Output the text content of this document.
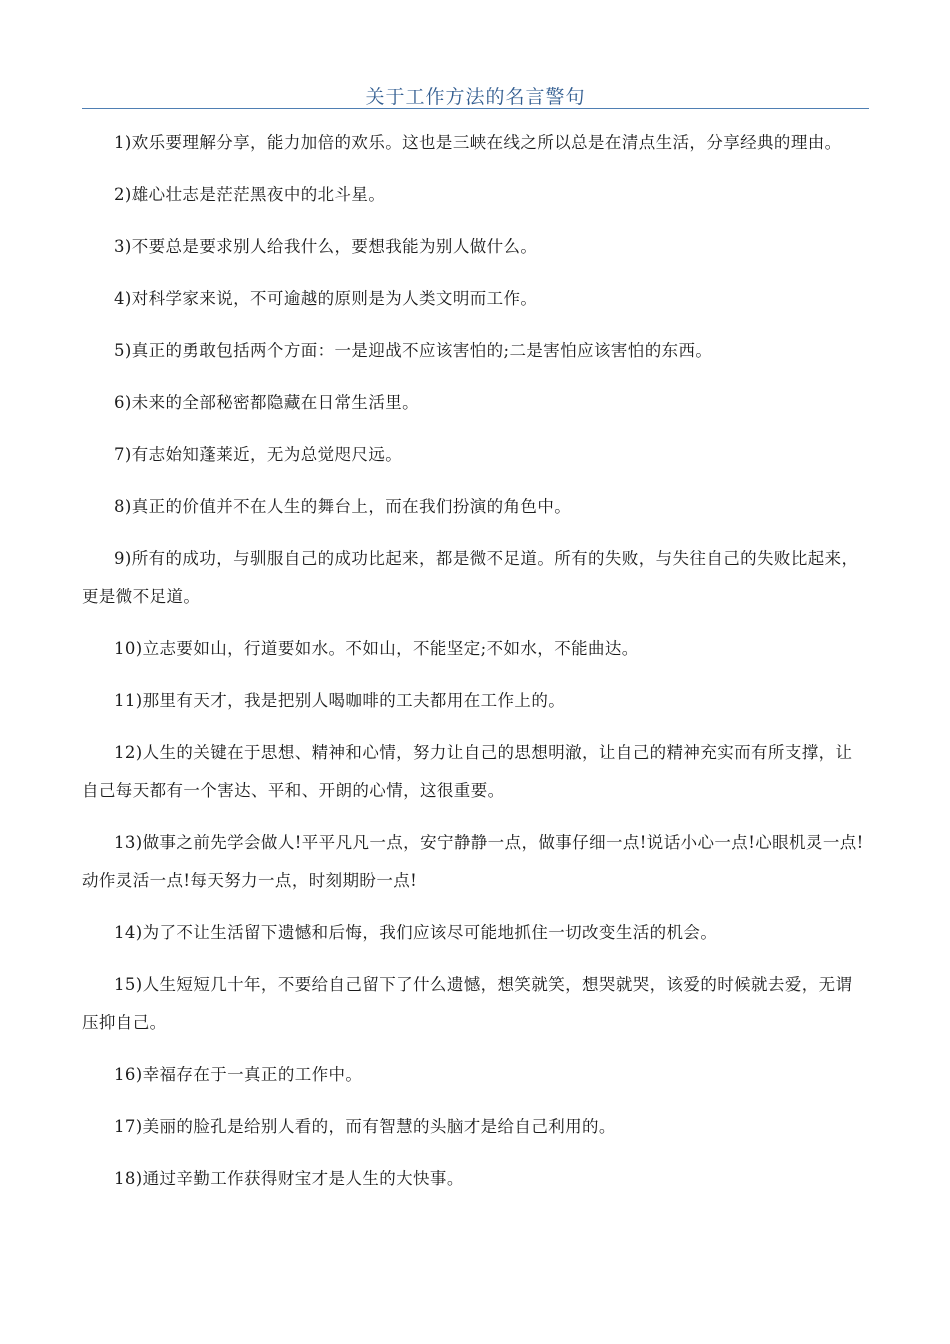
关于工作方法的名言警句

1)欢乐要理解分享，能力加倍的欢乐。这也是三峡在线之所以总是在清点生活，分享经典的理由。

2)雄心壮志是茫茫黑夜中的北斗星。

3)不要总是要求别人给我什么，要想我能为别人做什么。

4)对科学家来说，不可逾越的原则是为人类文明而工作。

5)真正的勇敢包括两个方面：一是迎战不应该害怕的;二是害怕应该害怕的东西。

6)未来的全部秘密都隐藏在日常生活里。

7)有志始知蓬莱近，无为总觉咫尺远。

8)真正的价值并不在人生的舞台上，而在我们扮演的角色中。

9)所有的成功，与驯服自己的成功比起来，都是微不足道。所有的失败，与失往自己的失败比起来，更是微不足道。

10)立志要如山，行道要如水。不如山，不能坚定;不如水，不能曲达。

11)那里有天才，我是把别人喝咖啡的工夫都用在工作上的。

12)人生的关键在于思想、精神和心情，努力让自己的思想明澈，让自己的精神充实而有所支撑，让自己每天都有一个害达、平和、开朗的心情，这很重要。

13)做事之前先学会做人!平平凡凡一点，安宁静静一点，做事仔细一点!说话小心一点!心眼机灵一点!动作灵活一点!每天努力一点，时刻期盼一点!

14)为了不让生活留下遗憾和后悔，我们应该尽可能地抓住一切改变生活的机会。

15)人生短短几十年，不要给自己留下了什么遗憾，想笑就笑，想哭就哭，该爱的时候就去爱，无谓压抑自己。

16)幸福存在于一真正的工作中。

17)美丽的脸孔是给别人看的，而有智慧的头脑才是给自己利用的。

18)通过辛勤工作获得财宝才是人生的大快事。
